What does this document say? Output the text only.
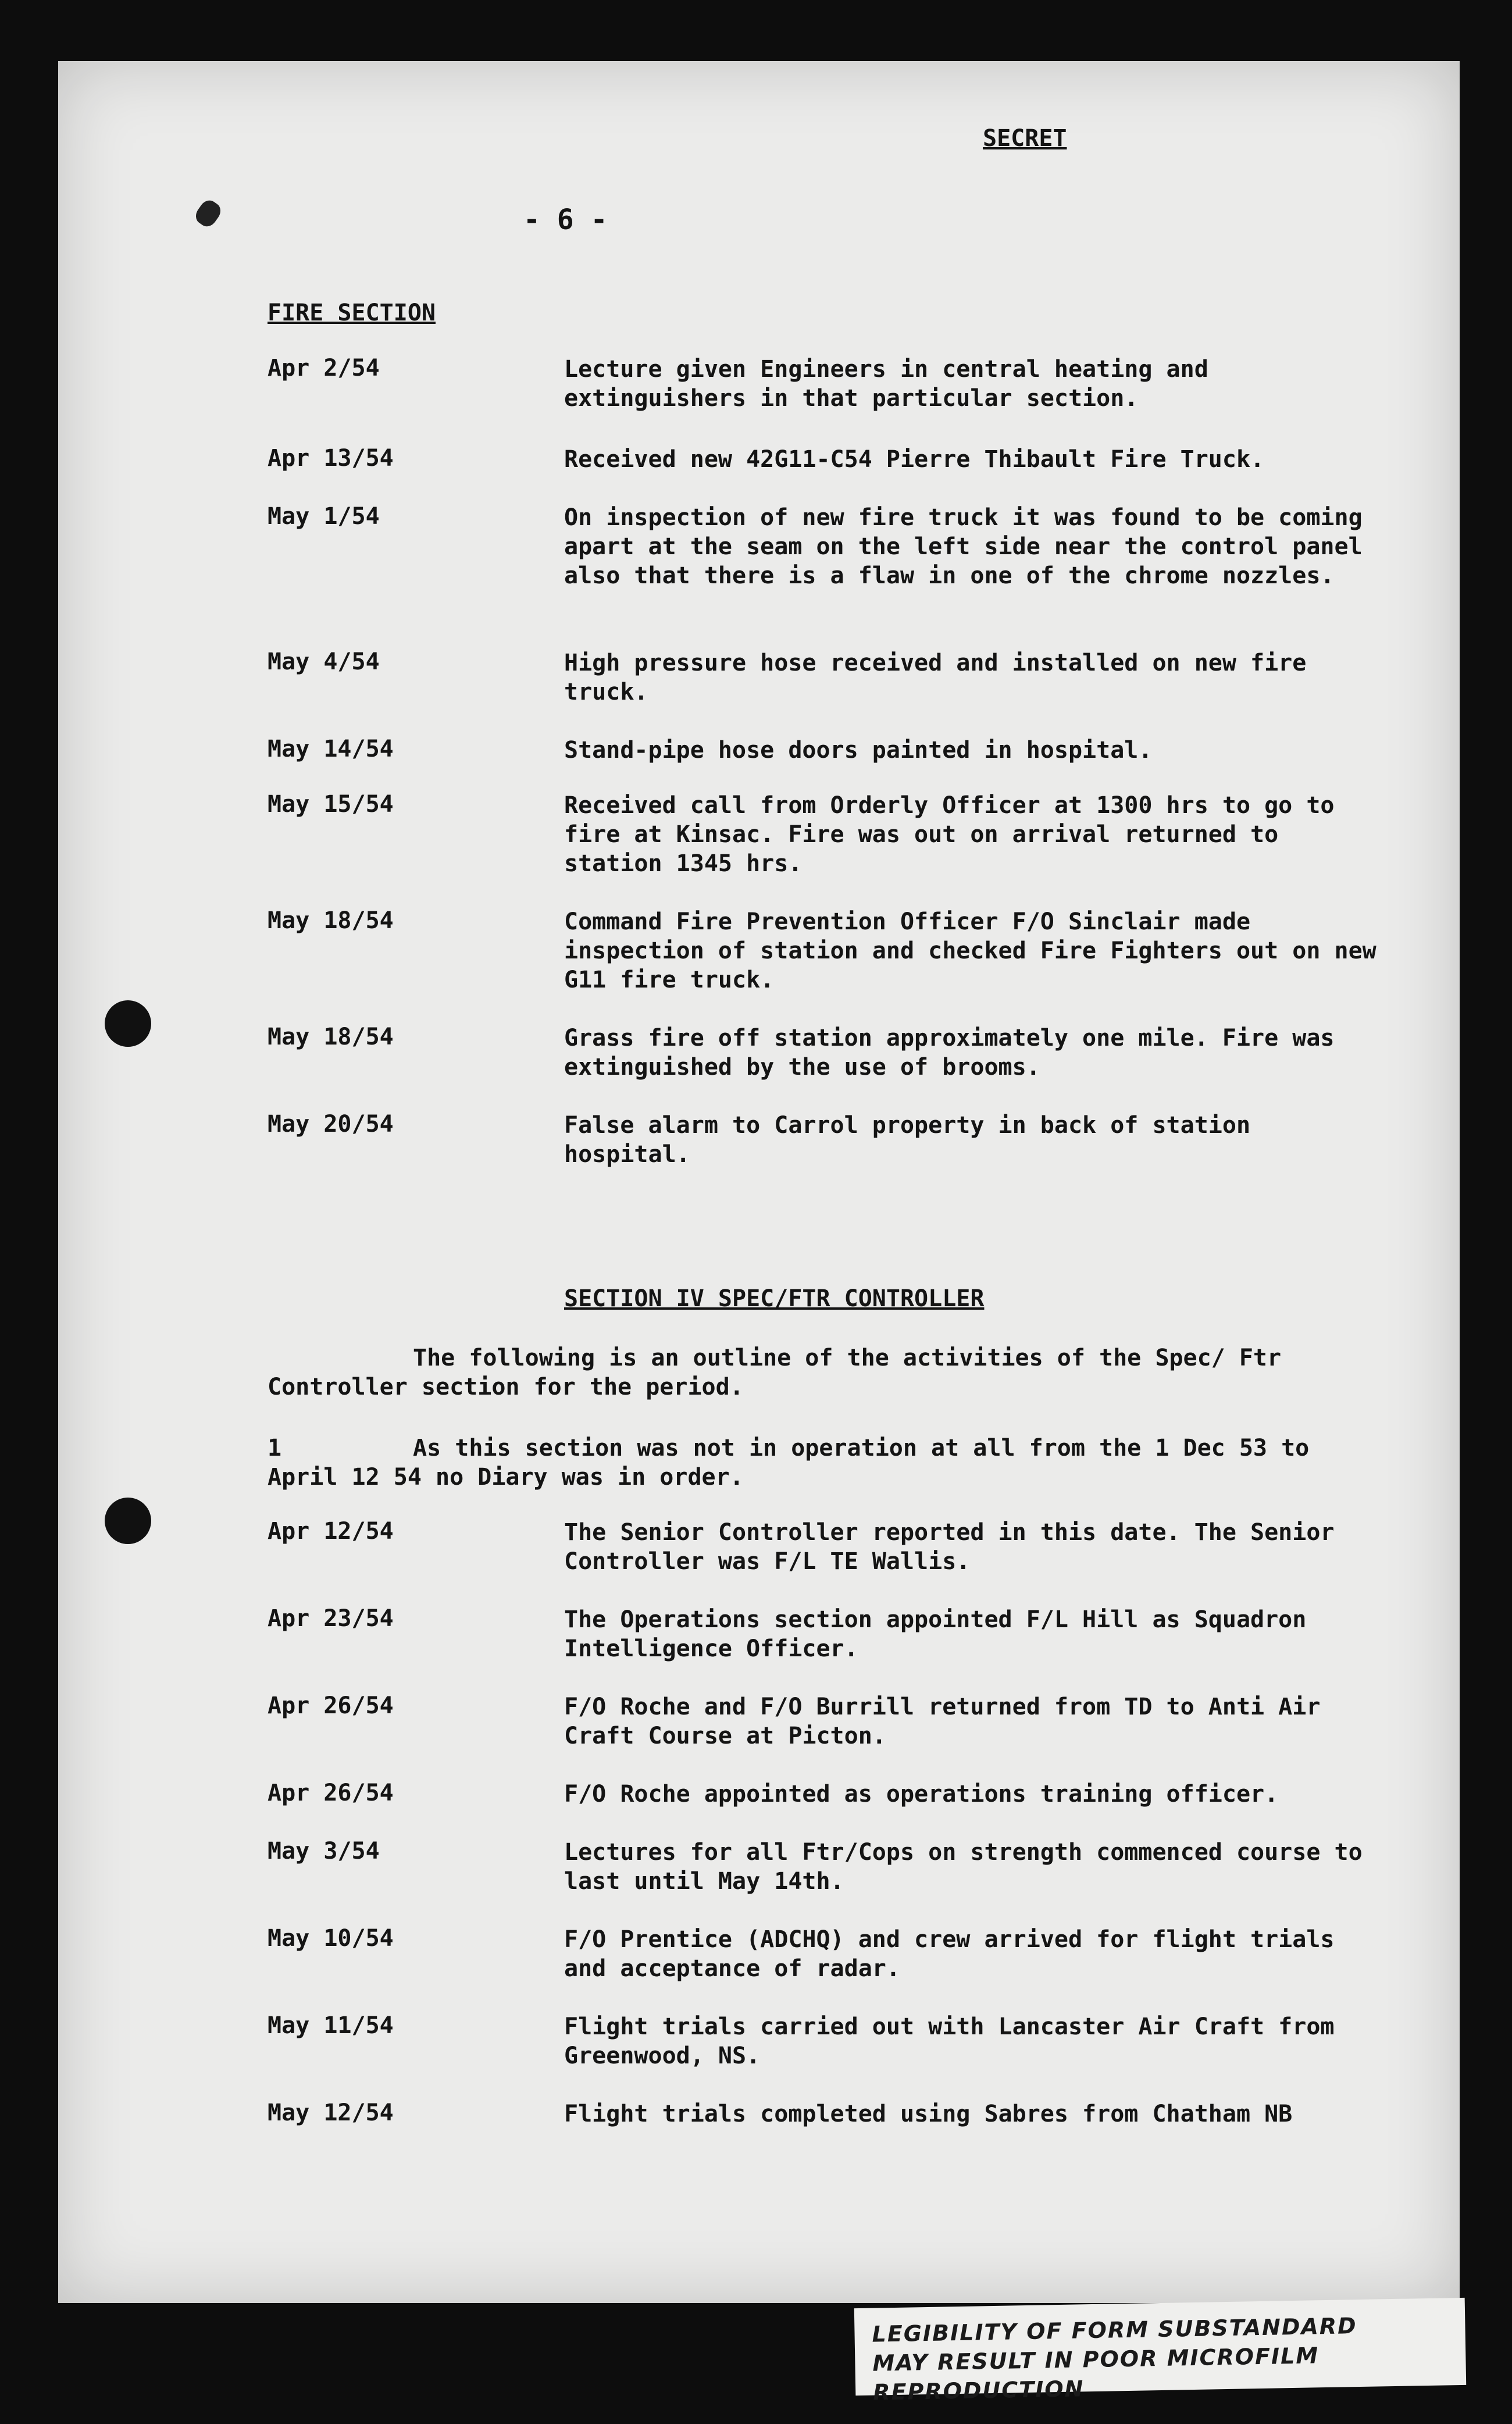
SECRET
- 6 -
FIRE SECTION
Apr 2/54	Lecture given Engineers in central heating and extinguishers in that particular section.
Apr 13/54	Received new 42G11-C54 Pierre Thibault Fire Truck.
May 1/54	On inspection of new fire truck it was found to be coming apart at the seam on the left side near the control panel also that there is a flaw in one of the chrome nozzles.
May 4/54	High pressure hose received and installed on new fire truck.
May 14/54	Stand-pipe hose doors painted in hospital.
May 15/54	Received call from Orderly Officer at 1300 hrs to go to fire at Kinsac. Fire was out on arrival returned to station 1345 hrs.
May 18/54	Command Fire Prevention Officer F/O Sinclair made inspection of station and checked Fire Fighters out on new G11 fire truck.
May 18/54	Grass fire off station approximately one mile. Fire was extinguished by the use of brooms.
May 20/54	False alarm to Carrol property in back of station hospital.
SECTION IV SPEC/FTR CONTROLLER
The following is an outline of the activities of the Spec/ Ftr Controller section for the period.
1	As this section was not in operation at all from the 1 Dec 53 to April 12 54 no Diary was in order.
Apr 12/54	The Senior Controller reported in this date. The Senior Controller was F/L TE Wallis.
Apr 23/54	The Operations section appointed F/L Hill as Squadron Intelligence Officer.
Apr 26/54	F/O Roche and F/O Burrill returned from TD to Anti Air Craft Course at Picton.
Apr 26/54	F/O Roche appointed as operations training officer.
May 3/54	Lectures for all Ftr/Cops on strength commenced course to last until May 14th.
May 10/54	F/O Prentice (ADCHQ) and crew arrived for flight trials and acceptance of radar.
May 11/54	Flight trials carried out with Lancaster Air Craft from Greenwood, NS.
May 12/54	Flight trials completed using Sabres from Chatham NB
LEGIBILITY OF FORM SUBSTANDARD
MAY RESULT IN POOR MICROFILM REPRODUCTION
